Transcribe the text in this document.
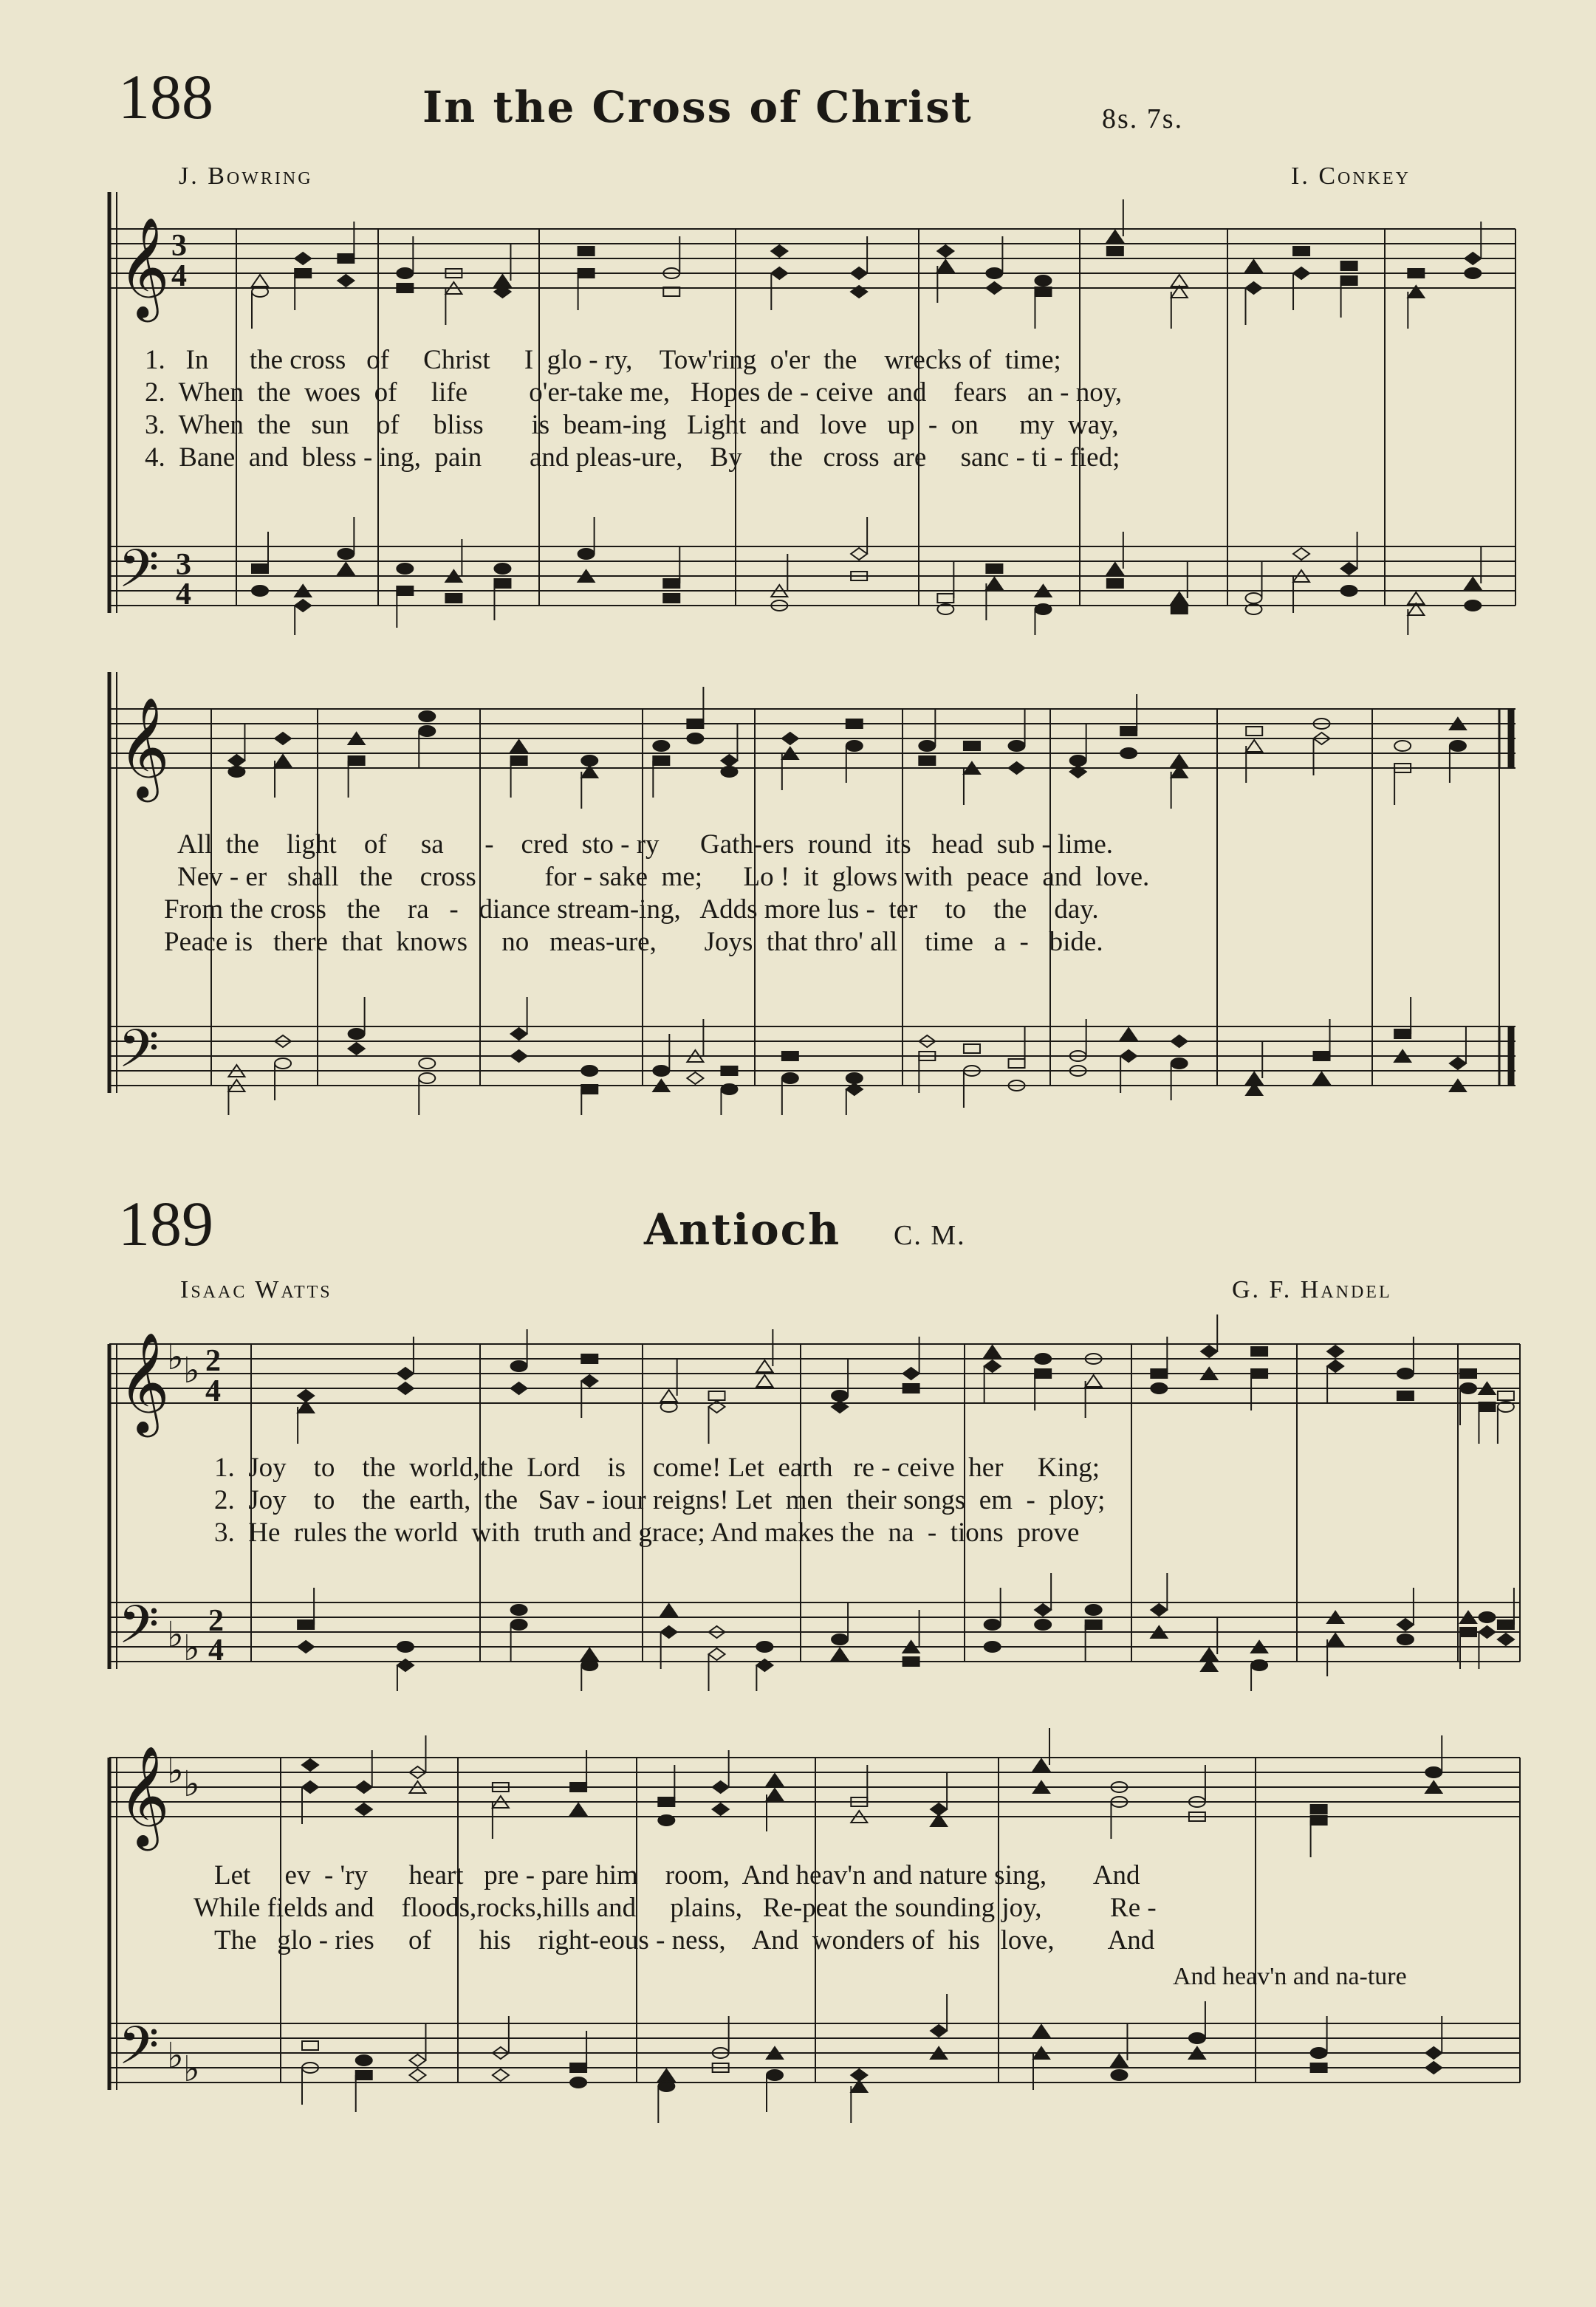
188	In the Cross of Christ	8s. 7s.
J. Bowring	I. Conkey
𝄞 3
4
𝄢 3
4
1.   In      the cross   of     Christ     I  glo - ry,    Tow'ring  o'er  the    wrecks of  time;
2.  When  the  woes  of     life         o'er-take me,   Hopes de - ceive  and    fears   an - noy,
3.  When  the   sun    of     bliss       is  beam-ing   Light  and   love   up  -  on      my  way,
4.  Bane  and  bless - ing,  pain       and pleas-ure,    By    the   cross  are     sanc - ti - fied;
𝄞
𝄢
All  the    light    of     sa      -    cred  sto - ry      Gath-ers  round  its   head  sub - lime.
Nev - er   shall   the    cross          for - sake  me;      Lo !  it  glows with  peace  and  love.
From the cross   the    ra   -   diance stream-ing,   Adds more lus -  ter    to    the    day.
Peace is   there  that  knows     no   meas-ure,       Joys  that thro' all    time   a  -   bide.
189	Antioch C. M.
Isaac Watts	G. F. Handel
𝄞
♭ ♭ 2
4
𝄢 ♭ ♭
2
4
1.  Joy    to    the  world,the  Lord    is    come! Let  earth   re - ceive  her     King;
2.  Joy    to    the  earth,  the   Sav - iour reigns! Let  men  their songs  em  -  ploy;
3.  He  rules the world  with  truth and grace; And makes the  na  -  tions  prove
𝄞
♭ ♭
𝄢 ♭ ♭
Let     ev  - 'ry      heart   pre - pare him    room,  And heav'n and nature sing,       And
While fields and    floods,rocks,hills and     plains,   Re-peat the sounding joy,          Re -
The   glo - ries     of       his    right-eous - ness,    And  wonders of  his   love,        And
And heav'n and na-ture
